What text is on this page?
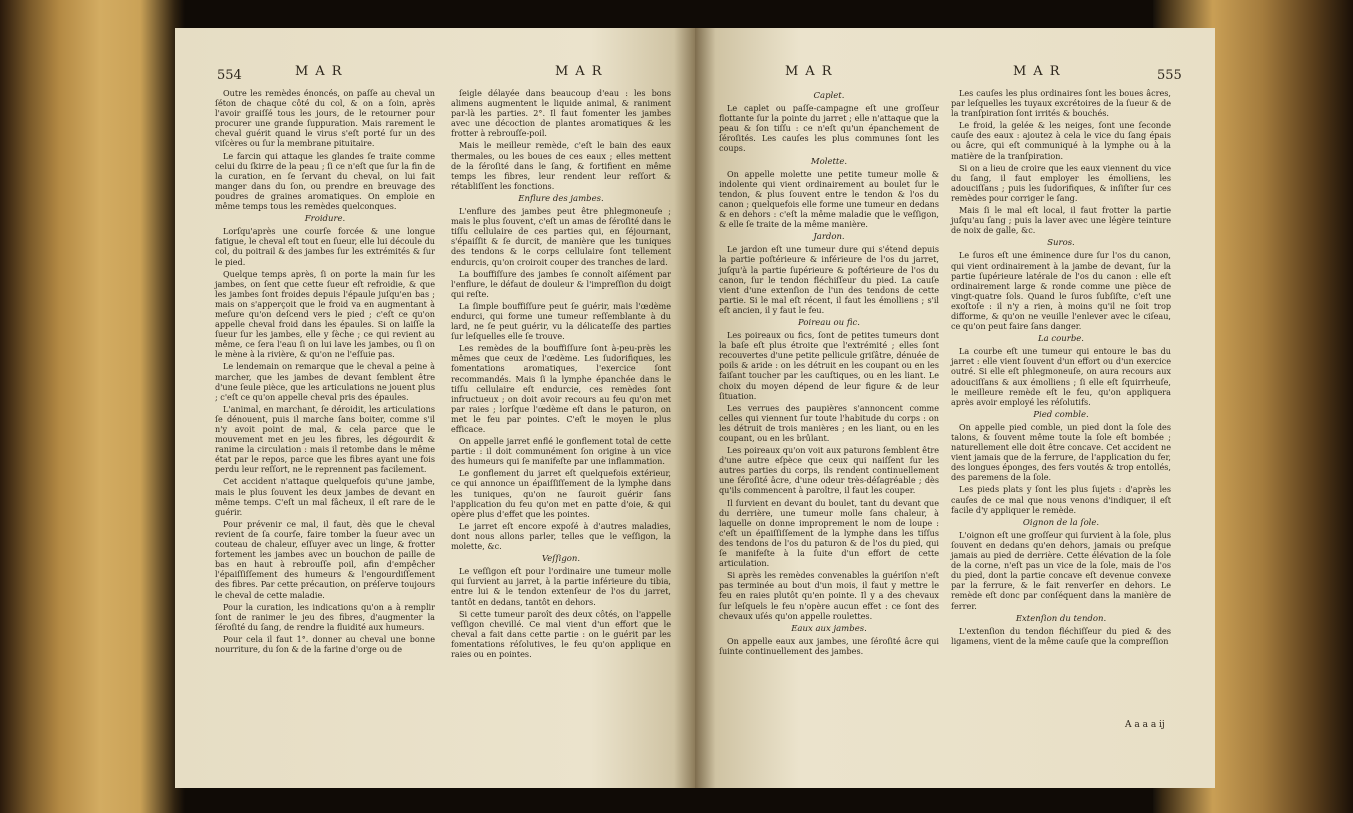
554	MAR	MAR

Outre les remèdes énoncés, on paſſe au cheval un ſéton de chaque côté du col, & on a ſoin, après l'avoir graiſſé tous les jours, de le retourner pour procurer une grande ſuppuration. Mais rarement le cheval guérit quand le virus s'eſt porté ſur un des viſcères ou ſur la membrane pituitaire.

Le farcin qui attaque les glandes ſe traite comme celui du ſkirre de la peau ; ſi ce n'eſt que ſur la fin de la curation, en ſe ſervant du cheval, on lui fait manger dans du ſon, ou prendre en breuvage des poudres de graines aromatiques. On emploie en même temps tous les remèdes quelconques.

Froidure.

Lorſqu'après une courſe forcée & une longue fatigue, le cheval eſt tout en ſueur, elle lui découle du col, du poitrail & des jambes ſur les extrémités & ſur le pied.

Quelque temps après, ſi on porte la main ſur les jambes, on ſent que cette ſueur eſt refroidie, & que les jambes ſont froides depuis l'épaule juſqu'en bas ; mais on s'apperçoit que le froid va en augmentant à meſure qu'on deſcend vers le pied ; c'eſt ce qu'on appelle cheval froid dans les épaules. Si on laiſſe la ſueur ſur les jambes, elle y ſèche ; ce qui revient au même, ce ſera l'eau ſi on lui lave les jambes, ou ſi on le mène à la rivière, & qu'on ne l'eſſuie pas.

Le lendemain on remarque que le cheval a peine à marcher, que les jambes de devant ſemblent être d'une ſeule pièce, que les articulations ne jouent plus ; c'eſt ce qu'on appelle cheval pris des épaules.

L'animal, en marchant, ſe déroidit, les articulations ſe dénouent, puis il marche ſans boiter, comme s'il n'y avoit point de mal, & cela parce que le mouvement met en jeu les fibres, les dégourdit & ranime la circulation : mais il retombe dans le même état par le repos, parce que les fibres ayant une fois perdu leur reſſort, ne le reprennent pas facilement.

Cet accident n'attaque quelquefois qu'une jambe, mais le plus ſouvent les deux jambes de devant en même temps. C'eſt un mal fâcheux, il eſt rare de le guérir.

Pour prévenir ce mal, il faut, dès que le cheval revient de ſa courſe, faire tomber la ſueur avec un couteau de chaleur, eſſuyer avec un linge, & frotter fortement les jambes avec un bouchon de paille de bas en haut à rebrouſſe poil, afin d'empêcher l'épaiſſiſſement des humeurs & l'engourdiſſement des fibres. Par cette précaution, on préſerve toujours le cheval de cette maladie.

Pour la curation, les indications qu'on a à remplir ſont de ranimer le jeu des fibres, d'augmenter la ſéroſité du ſang, de rendre la fluidité aux humeurs.

Pour cela il faut 1°. donner au cheval une bonne nourriture, du ſon & de la farine d'orge ou de

ſeigle délayée dans beaucoup d'eau : les bons alimens augmentent le liquide animal, & raniment par-là les parties. 2°. Il faut fomenter les jambes avec une décoction de plantes aromatiques & les frotter à rebrouſſe-poil.

Mais le meilleur remède, c'eſt le bain des eaux thermales, ou les boues de ces eaux ; elles mettent de la ſéroſité dans le ſang, & fortifient en même temps les fibres, leur rendent leur reſſort & rétabliſſent les fonctions.

Enflure des jambes.

L'enflure des jambes peut être phlegmoneuſe ; mais le plus ſouvent, c'eſt un amas de ſéroſité dans le tiſſu cellulaire de ces parties qui, en ſéjournant, s'épaiſſit & ſe durcit, de manière que les tuniques des tendons & le corps cellulaire ſont tellement endurcis, qu'on croiroit couper des tranches de lard.

La bouffiſſure des jambes ſe connoît aiſément par l'enflure, le défaut de douleur & l'impreſſion du doigt qui reſte.

La ſimple bouffiſſure peut ſe guérir, mais l'œdème endurci, qui forme une tumeur reſſemblante à du lard, ne ſe peut guérir, vu la délicateſſe des parties ſur leſquelles elle ſe trouve.

Les remèdes de la bouffiſſure ſont à-peu-près les mêmes que ceux de l'œdème. Les ſudorifiques, les fomentations aromatiques, l'exercice ſont recommandés. Mais ſi la lymphe épanchée dans le tiſſu cellulaire eſt endurcie, ces remèdes ſont infructueux ; on doit avoir recours au feu qu'on met par raies ; lorſque l'œdème eſt dans le paturon, on met le feu par pointes. C'eſt le moyen le plus efficace.

On appelle jarret enflé le gonflement total de cette partie : il doit communément ſon origine à un vice des humeurs qui ſe manifeſte par une inflammation.

Le gonflement du jarret eſt quelquefois extérieur, ce qui annonce un épaiſſiſſement de la lymphe dans les tuniques, qu'on ne ſauroit guérir ſans l'application du feu qu'on met en patte d'oie, & qui opère plus d'effet que les pointes.

Le jarret eſt encore expoſé à d'autres maladies, dont nous allons parler, telles que le veſſigon, la molette, &c.

Veſſigon.

Le veſſigon eſt pour l'ordinaire une tumeur molle qui ſurvient au jarret, à la partie inférieure du tibia, entre lui & le tendon extenſeur de l'os du jarret, tantôt en dedans, tantôt en dehors.

Si cette tumeur paroît des deux côtés, on l'appelle veſſigon chevillé. Ce mal vient d'un effort que le cheval a fait dans cette partie : on le guérit par les fomentations réſolutives, le feu qu'on applique en raies ou en pointes.

MAR	MAR	555
Caplet.

Le caplet ou paſſe-campagne eſt une groſſeur flottante ſur la pointe du jarret ; elle n'attaque que la peau & ſon tiſſu : ce n'eſt qu'un épanchement de ſéroſités. Les cauſes les plus communes ſont les coups.

Molette.

On appelle molette une petite tumeur molle & indolente qui vient ordinairement au boulet ſur le tendon, & plus ſouvent entre le tendon & l'os du canon ; quelquefois elle forme une tumeur en dedans & en dehors : c'eſt la même maladie que le veſſigon, & elle ſe traite de la même manière.

Jardon.

Le jardon eſt une tumeur dure qui s'étend depuis la partie poſtérieure & inférieure de l'os du jarret, juſqu'à la partie ſupérieure & poſtérieure de l'os du canon, ſur le tendon fléchiſſeur du pied. La cauſe vient d'une extenſion de l'un des tendons de cette partie. Si le mal eſt récent, il faut les émolliens ; s'il eſt ancien, il y faut le feu.

Poireau ou fic.

Les poireaux ou fics, ſont de petites tumeurs dont la baſe eſt plus étroite que l'extrémité ; elles ſont recouvertes d'une petite pellicule griſâtre, dénuée de poils & aride : on les détruit en les coupant ou en les faiſant toucher par les cauſtiques, ou en les liant. Le choix du moyen dépend de leur figure & de leur ſituation.

Les verrues des paupières s'annoncent comme celles qui viennent ſur toute l'habitude du corps : on les détruit de trois manières ; en les liant, ou en les coupant, ou en les brûlant.

Les poireaux qu'on voit aux paturons ſemblent être d'une autre eſpèce que ceux qui naiſſent ſur les autres parties du corps, ils rendent continuellement une ſéroſité âcre, d'une odeur très-déſagréable ; dès qu'ils commencent à paroître, il faut les couper.

Il ſurvient en devant du boulet, tant du devant que du derrière, une tumeur molle ſans chaleur, à laquelle on donne improprement le nom de loupe : c'eſt un épaiſſiſſement de la lymphe dans les tiſſus des tendons de l'os du paturon & de l'os du pied, qui ſe manifeſte à la ſuite d'un effort de cette articulation.

Si après les remèdes convenables la guériſon n'eſt pas terminée au bout d'un mois, il faut y mettre le feu en raies plutôt qu'en pointe. Il y a des chevaux ſur leſquels le feu n'opère aucun effet : ce ſont des chevaux uſés qu'on appelle roulettes.

Eaux aux jambes.

On appelle eaux aux jambes, une ſéroſité âcre qui ſuinte continuellement des jambes.

Les cauſes les plus ordinaires ſont les boues âcres, par leſquelles les tuyaux excrétoires de la ſueur & de la tranſpiration ſont irrités & bouchés.

Le froid, la gelée & les neiges, ſont une ſeconde cauſe des eaux : ajoutez à cela le vice du ſang épais ou âcre, qui eſt communiqué à la lymphe ou à la matière de la tranſpiration.

Si on a lieu de croire que les eaux viennent du vice du ſang, il faut employer les émolliens, les adouciſſans ; puis les ſudorifiques, & inſiſter ſur ces remèdes pour corriger le ſang.

Mais ſi le mal eſt local, il faut frotter la partie juſqu'au ſang ; puis la laver avec une légère teinture de noix de galle, &c.

Suros.

Le ſuros eſt une éminence dure ſur l'os du canon, qui vient ordinairement à la jambe de devant, ſur la partie ſupérieure latérale de l'os du canon : elle eſt ordinairement large & ronde comme une pièce de vingt-quatre ſols. Quand le ſuros ſubſiſte, c'eſt une exoſtoſe : il n'y a rien, à moins qu'il ne ſoit trop difforme, & qu'on ne veuille l'enlever avec le ciſeau, ce qu'on peut faire ſans danger.

La courbe.

La courbe eſt une tumeur qui entoure le bas du jarret : elle vient ſouvent d'un effort ou d'un exercice outré. Si elle eſt phlegmoneuſe, on aura recours aux adouciſſans & aux émolliens ; ſi elle eſt ſquirrheuſe, le meilleure remède eſt le feu, qu'on appliquera après avoir employé les réſolutifs.

Pied comble.

On appelle pied comble, un pied dont la ſole des talons, & ſouvent même toute la ſole eſt bombée ; naturellement elle doit être concave. Cet accident ne vient jamais que de la ferrure, de l'application du fer, des longues éponges, des fers voutés & trop entollés, des paremens de la ſole.

Les pieds plats y ſont les plus ſujets : d'après les cauſes de ce mal que nous venons d'indiquer, il eſt facile d'y appliquer le remède.

Oignon de la ſole.

L'oignon eſt une groſſeur qui ſurvient à la ſole, plus ſouvent en dedans qu'en dehors, jamais ou preſque jamais au pied de derrière. Cette élévation de la ſole de la corne, n'eſt pas un vice de la ſole, mais de l'os du pied, dont la partie concave eſt devenue convexe par la ferrure, & le fait renverſer en dehors. Le remède eſt donc par conſéquent dans la manière de ferrer.

Extenſion du tendon.

L'extenſion du tendon fléchiſſeur du pied & des ligamens, vient de la même cauſe que la compreſſion

A a a a ij
